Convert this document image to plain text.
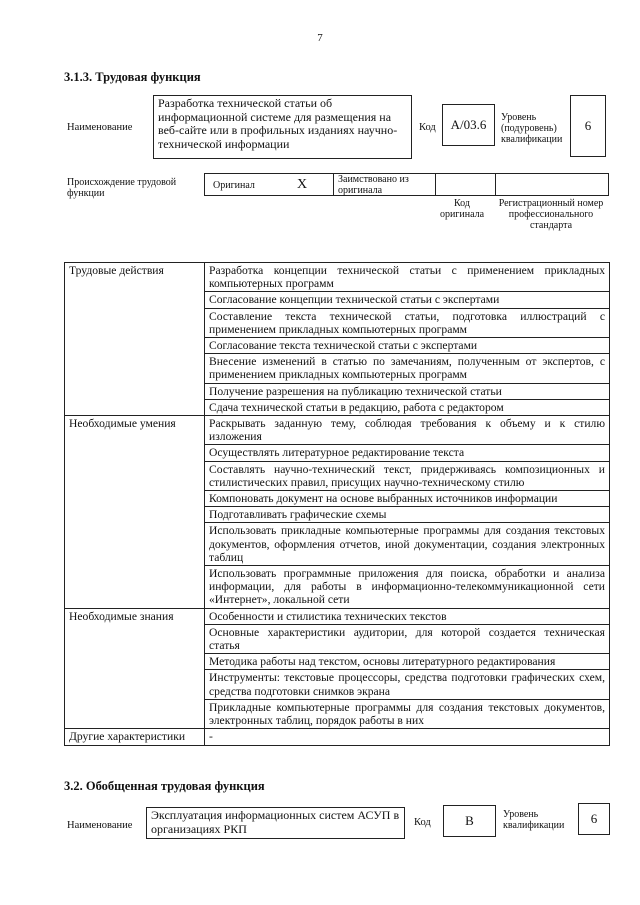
7
3.1.3. Трудовая функция
Наименование
Разработка технической статьи об информационной системе для размещения на веб-сайте или в профильных изданиях научно-технической информации
Код	A/03.6	Уровень (подуровень) квалификации
6
Происхождение трудовой функции
Оригинал	X	Заимствовано из оригинала
Код оригинала
Регистрационный номер профессионального стандарта
Трудовые действия	Разработка концепции технической статьи с применением прикладных компьютерных программ
	Согласование концепции технической статьи с экспертами
	Составление текста технической статьи, подготовка иллюстраций с применением прикладных компьютерных программ
	Согласование текста технической статьи с экспертами
	Внесение изменений в статью по замечаниям, полученным от экспертов, с применением прикладных компьютерных программ
	Получение разрешения на публикацию технической статьи
	Сдача технической статьи в редакцию, работа с редактором
Необходимые умения	Раскрывать заданную тему, соблюдая требования к объему и к стилю изложения
	Осуществлять литературное редактирование текста
	Составлять научно-технический текст, придерживаясь композиционных и стилистических правил, присущих научно-техническому стилю
	Компоновать документ на основе выбранных источников информации
	Подготавливать графические схемы
	Использовать прикладные компьютерные программы для создания текстовых документов, оформления отчетов, иной документации, создания электронных таблиц
	Использовать программные приложения для поиска, обработки и анализа информации, для работы в информационно-телекоммуникационной сети «Интернет», локальной сети
Необходимые знания	Особенности и стилистика технических текстов
	Основные характеристики аудитории, для которой создается техническая статья
	Методика работы над текстом, основы литературного редактирования
	Инструменты: текстовые процессоры, средства подготовки графических схем, средства подготовки снимков экрана
	Прикладные компьютерные программы для создания текстовых документов, электронных таблиц, порядок работы в них
Другие характеристики	-
3.2. Обобщенная трудовая функция
Наименование
Эксплуатация информационных систем АСУП в организациях РКП	Код	B	Уровень квалификации	6
